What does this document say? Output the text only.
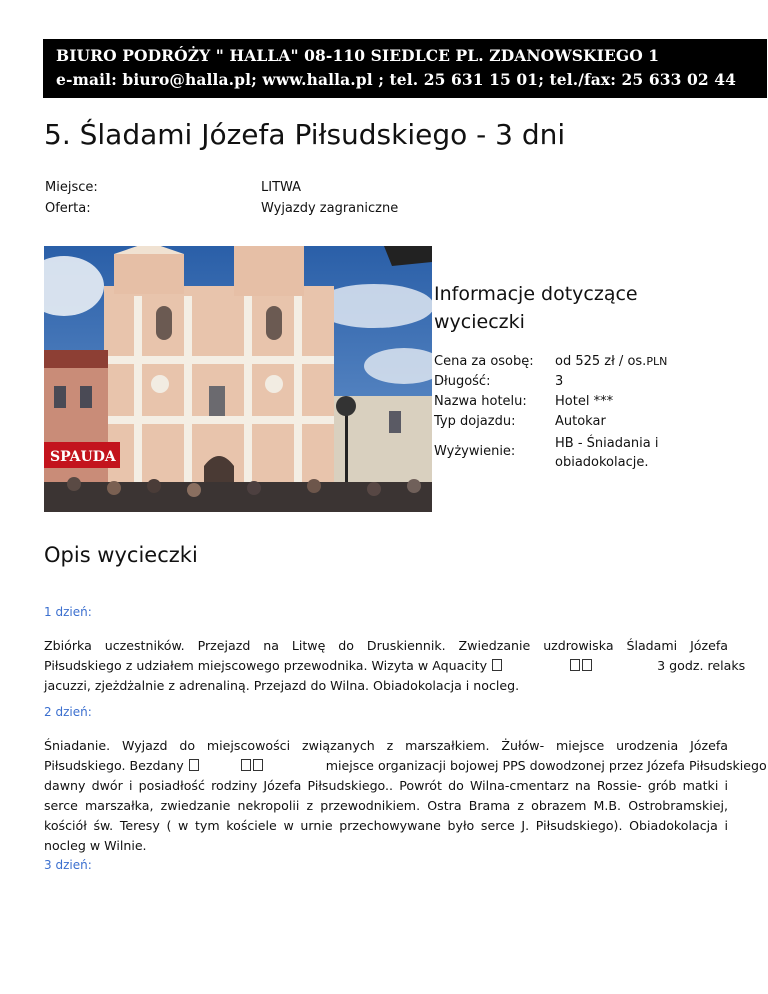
BIURO PODRÓŻY " HALLA" 08-110 SIEDLCE PL. ZDANOWSKIEGO 1
e-mail: biuro@halla.pl; www.halla.pl ; tel. 25 631 15 01; tel./fax: 25 633 02 44
5. Śladami Józefa Piłsudskiego - 3 dni
Miejsce:	LITWA
Oferta:	Wyjazdy zagraniczne
SPAUDA
Informacje dotyczące wycieczki
Cena za osobę:	od 525 zł / os.PLN
Długość:	3
Nazwa hotelu:	Hotel ***
Typ dojazdu:	Autokar
Wyżywienie:
HB - Śniadania i obiadokolacje.
Opis wycieczki
1 dzień:

Zbiórka uczestników. Przejazd na Litwę do Druskiennik. Zwiedzanie uzdrowiska Śladami Józefa
Piłsudskiego z udziałem miejscowego przewodnika. Wizyta w Aquacity	3 godz. relaks
jacuzzi, zjeżdżalnie z adrenaliną. Przejazd do Wilna. Obiadokolacja i nocleg.

2 dzień:

Śniadanie. Wyjazd do miejscowości związanych z marszałkiem. Żułów- miejsce urodzenia Józefa
Piłsudskiego. Bezdany	miejsce organizacji bojowej PPS dowodzonej przez Józefa Piłsudskiego
dawny dwór i posiadłość rodziny Józefa Piłsudskiego.. Powrót do Wilna-cmentarz na Rossie- grób matki i
serce marszałka, zwiedzanie nekropolii z przewodnikiem. Ostra Brama z obrazem M.B. Ostrobramskiej,
kościół św. Teresy ( w tym kościele w urnie przechowywane było serce J. Piłsudskiego). Obiadokolacja i
nocleg w Wilnie.

3 dzień:
